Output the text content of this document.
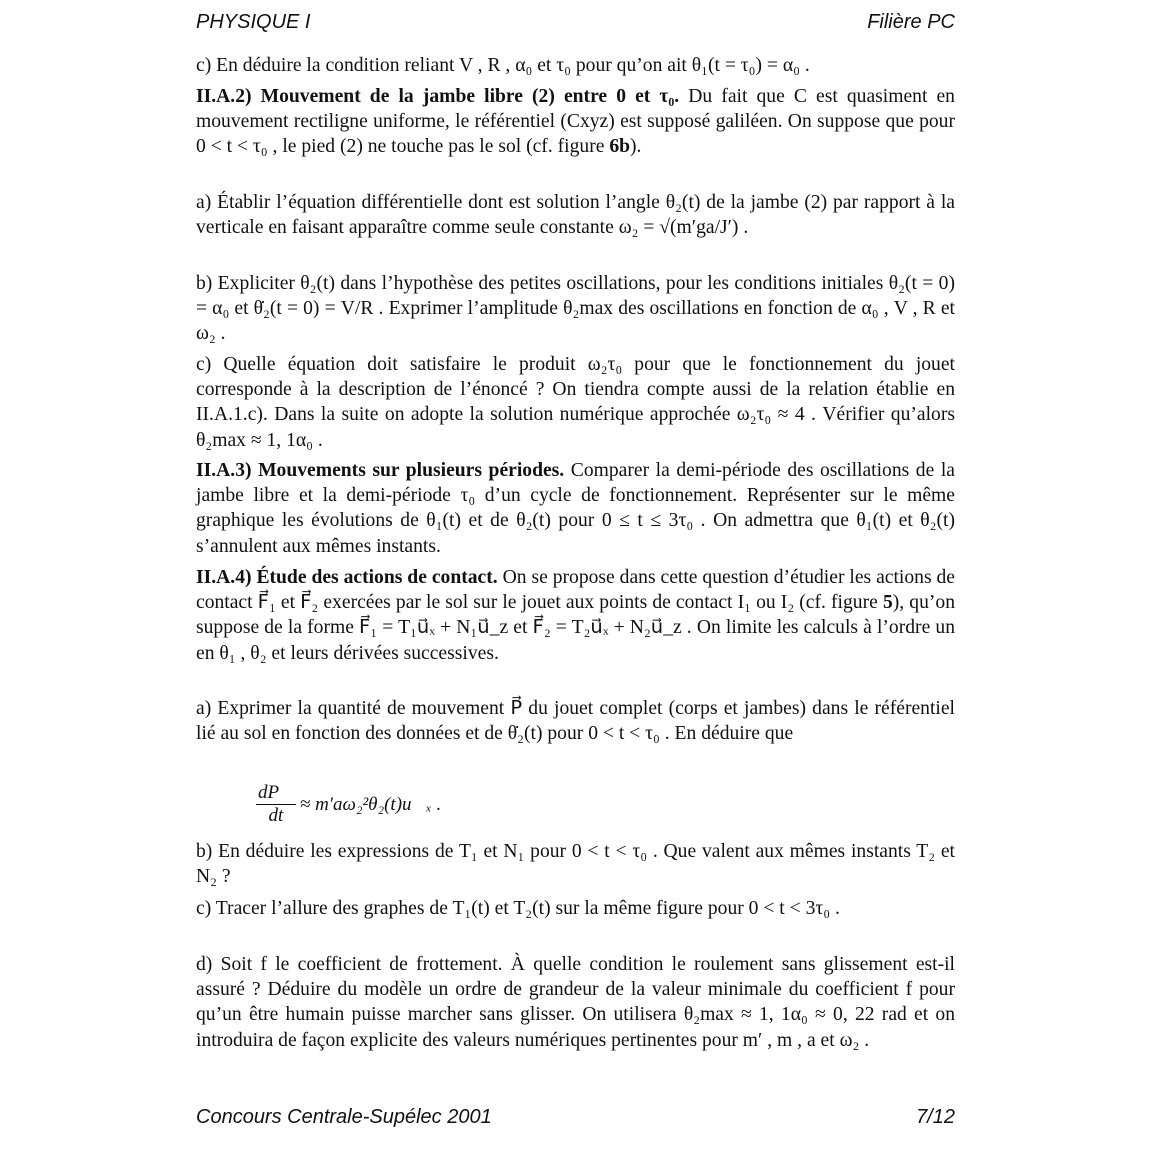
PHYSIQUE I	Filière PC
c) En déduire la condition reliant V , R , α₀ et τ₀ pour qu’on ait θ₁(t = τ₀) = α₀ .
II.A.2) Mouvement de la jambe libre (2) entre 0 et τ₀. Du fait que C est quasiment en mouvement rectiligne uniforme, le référentiel (Cxyz) est supposé galiléen. On suppose que pour 0 < t < τ₀ , le pied (2) ne touche pas le sol (cf. figure 6b).
a) Établir l’équation différentielle dont est solution l’angle θ₂(t) de la jambe (2) par rapport à la verticale en faisant apparaître comme seule constante ω₂ = √(m′ga/J′) .
b) Expliciter θ₂(t) dans l’hypothèse des petites oscillations, pour les conditions initiales θ₂(t = 0) = α₀ et θ̇₂(t = 0) = V/R . Exprimer l’amplitude θ₂max des oscillations en fonction de α₀ , V , R et ω₂ .
c) Quelle équation doit satisfaire le produit ω₂τ₀ pour que le fonctionnement du jouet corresponde à la description de l’énoncé ? On tiendra compte aussi de la relation établie en II.A.1.c). Dans la suite on adopte la solution numérique approchée ω₂τ₀ ≈ 4 . Vérifier qu’alors θ₂max ≈ 1, 1α₀ .
II.A.3) Mouvements sur plusieurs périodes. Comparer la demi-période des oscillations de la jambe libre et la demi-période τ₀ d’un cycle de fonctionnement. Représenter sur le même graphique les évolutions de θ₁(t) et de θ₂(t) pour 0 ≤ t ≤ 3τ₀ . On admettra que θ₁(t) et θ₂(t) s’annulent aux mêmes instants.
II.A.4) Étude des actions de contact. On se propose dans cette question d’étudier les actions de contact F⃗₁ et F⃗₂ exercées par le sol sur le jouet aux points de contact I₁ ou I₂ (cf. figure 5), qu’on suppose de la forme F⃗₁ = T₁u⃗ₓ + N₁u⃗_z et F⃗₂ = T₂u⃗ₓ + N₂u⃗_z . On limite les calculs à l’ordre un en θ₁ , θ₂ et leurs dérivées successives.
a) Exprimer la quantité de mouvement P⃗ du jouet complet (corps et jambes) dans le référentiel lié au sol en fonction des données et de θ̇₂(t) pour 0 < t < τ₀ . En déduire que
$\frac{dP⃗}{dt}$ ≈ m′aω₂²θ₂(t)u⃗ₓ .
b) En déduire les expressions de T₁ et N₁ pour 0 < t < τ₀ . Que valent aux mêmes instants T₂ et N₂ ?
c) Tracer l’allure des graphes de T₁(t) et T₂(t) sur la même figure pour 0 < t < 3τ₀ .
d) Soit f le coefficient de frottement. À quelle condition le roulement sans glissement est-il assuré ? Déduire du modèle un ordre de grandeur de la valeur minimale du coefficient f pour qu’un être humain puisse marcher sans glisser. On utilisera θ₂max ≈ 1, 1α₀ ≈ 0, 22 rad et on introduira de façon explicite des valeurs numériques pertinentes pour m′ , m , a et ω₂ .
Concours Centrale-Supélec 2001	7/12
